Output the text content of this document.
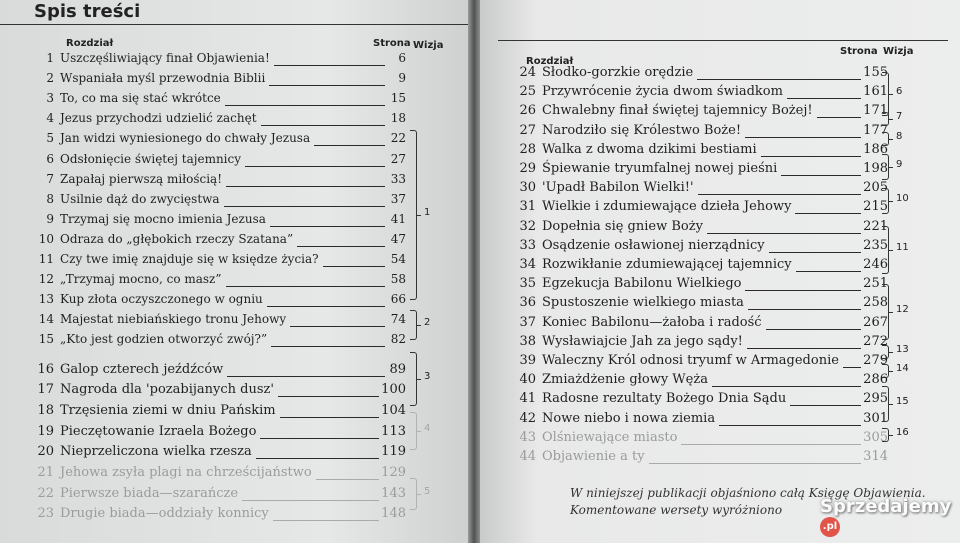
Spis treści
Rozdział	Strona Wizja
1 Uszczęśliwiający finał Objawienia!	6
2 Wspaniała myśl przewodnia Biblii	9
3 To, co ma się stać wkrótce	15
4 Jezus przychodzi udzielić zachęt	18
5 Jan widzi wyniesionego do chwały Jezusa	22
6 Odsłonięcie świętej tajemnicy	27
7 Zapałaj pierwszą miłością!	33
8 Usilnie dąż do zwycięstwa	37
9 Trzymaj się mocno imienia Jezusa	41
10 Odraza do „głębokich rzeczy Szatana”	47
11 Czy twe imię znajduje się w księdze życia?	54
12 „Trzymaj mocno, co masz”	58
13 Kup złota oczyszczonego w ogniu	66
14 Majestat niebiańskiego tronu Jehowy	74
15 „Kto jest godzien otworzyć zwój?”	82
16 Galop czterech jeźdźców	89
17 Nagroda dla 'pozabijanych dusz'	100
18 Trzęsienia ziemi w dniu Pańskim	104
19 Pieczętowanie Izraela Bożego	113
20 Nieprzeliczona wielka rzesza	119
21 Jehowa zsyła plagi na chrześcijaństwo	129
22 Pierwsze biada—szarańcze	143
23 Drugie biada—oddziały konnicy	148
1
2
3
4
5
Rozdział
Strona Wizja
24 Słodko-gorzkie orędzie	155
25 Przywrócenie życia dwom świadkom	161
26 Chwalebny finał świętej tajemnicy Bożej!	171
27 Narodziło się Królestwo Boże!	177
28 Walka z dwoma dzikimi bestiami	186
29 Śpiewanie tryumfalnej nowej pieśni	198
30 'Upadł Babilon Wielki!'	205
31 Wielkie i zdumiewające dzieła Jehowy	215
32 Dopełnia się gniew Boży	221
33 Osądzenie osławionej nierządnicy	235
34 Rozwikłanie zdumiewającej tajemnicy	246
35 Egzekucja Babilonu Wielkiego	251
36 Spustoszenie wielkiego miasta	258
37 Koniec Babilonu—żałoba i radość	267
38 Wysławiajcie Jah za jego sądy!	272
39 Waleczny Król odnosi tryumf w Armagedonie	279
40 Zmiażdżenie głowy Węża	286
41 Radosne rezultaty Bożego Dnia Sądu	295
42 Nowe niebo i nowa ziemia	301
43 Olśniewające miasto	305
44 Objawienie a ty	314
W niniejszej publikacji objaśniono całą Księgę Objawienia.
Komentowane wersety wyróżniono
6
7
8
9
10
11
12
13
14
15
16
Sprzedajemy .pl
